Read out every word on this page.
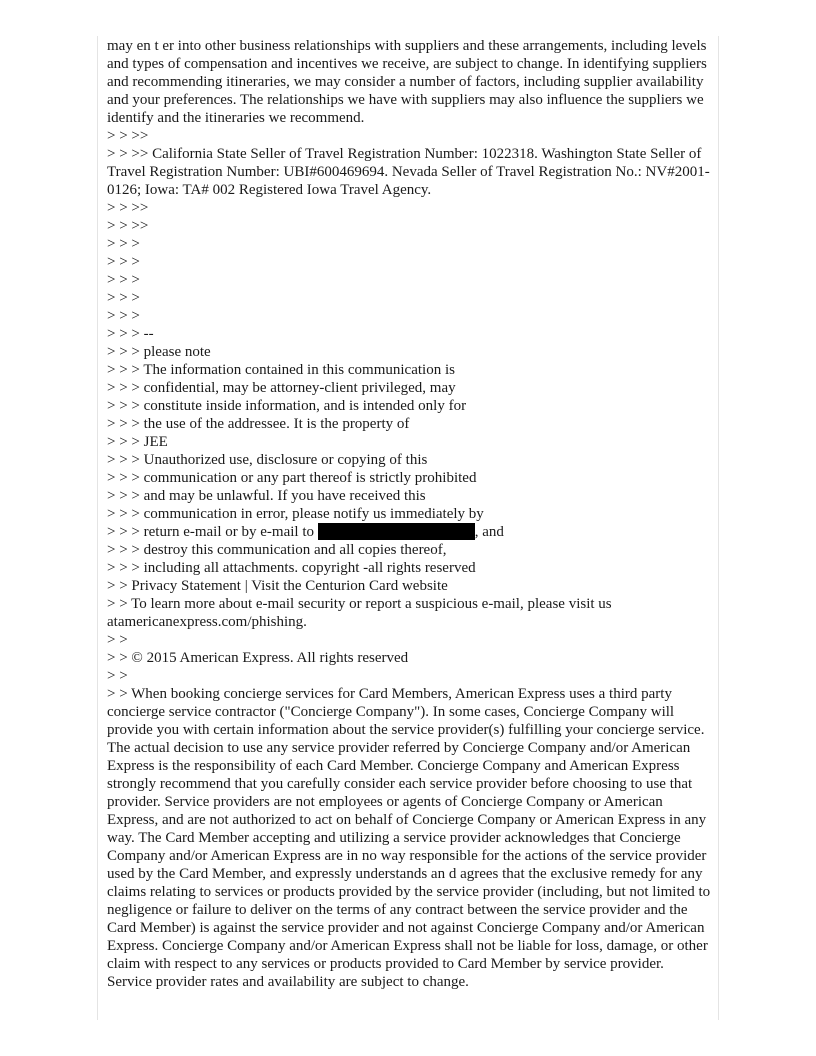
may en t er into other business relationships with suppliers and these arrangements, including levels and types of compensation and incentives we receive, are subject to change. In identifying suppliers and recommending itineraries, we may consider a number of factors, including supplier availability and your preferences. The relationships we have with suppliers may also influence the suppliers we identify and the itineraries we recommend.

> > >>

> > >> California State Seller of Travel Registration Number: 1022318. Washington State Seller of Travel Registration Number: UBI#600469694. Nevada Seller of Travel Registration No.: NV#2001-0126; Iowa: TA# 002 Registered Iowa Travel Agency.

> > >>
> > >>
> > >
> > >
> > >
> > >
> > >
> > > --
> > > please note
> > > The information contained in this communication is
> > > confidential, may be attorney-client privileged, may
> > > constitute inside information, and is intended only for
> > > the use of the addressee. It is the property of
> > > JEE
> > > Unauthorized use, disclosure or copying of this
> > > communication or any part thereof is strictly prohibited
> > > and may be unlawful. If you have received this
> > > communication in error, please notify us immediately by
> > > return e-mail or by e-mail to	, and
> > > destroy this communication and all copies thereof,
> > > including all attachments. copyright -all rights reserved
> > Privacy Statement | Visit the Centurion Card website

> > To learn more about e-mail security or report a suspicious e-mail, please visit us atamericanexpress.com/phishing.

> >
> > © 2015 American Express. All rights reserved
> >

> > When booking concierge services for Card Members, American Express uses a third party concierge service contractor ("Concierge Company"). In some cases, Concierge Company will provide you with certain information about the service provider(s) fulfilling your concierge service. The actual decision to use any service provider referred by Concierge Company and/or American Express is the responsibility of each Card Member. Concierge Company and American Express strongly recommend that you carefully consider each service provider before choosing to use that provider. Service providers are not employees or agents of Concierge Company or American Express, and are not authorized to act on behalf of Concierge Company or American Express in any way. The Card Member accepting and utilizing a service provider acknowledges that Concierge Company and/or American Express are in no way responsible for the actions of the service provider used by the Card Member, and expressly understands an d agrees that the exclusive remedy for any claims relating to services or products provided by the service provider (including, but not limited to negligence or failure to deliver on the terms of any contract between the service provider and the Card Member) is against the service provider and not against Concierge Company and/or American Express. Concierge Company and/or American Express shall not be liable for loss, damage, or other claim with respect to any services or products provided to Card Member by service provider. Service provider rates and availability are subject to change.
